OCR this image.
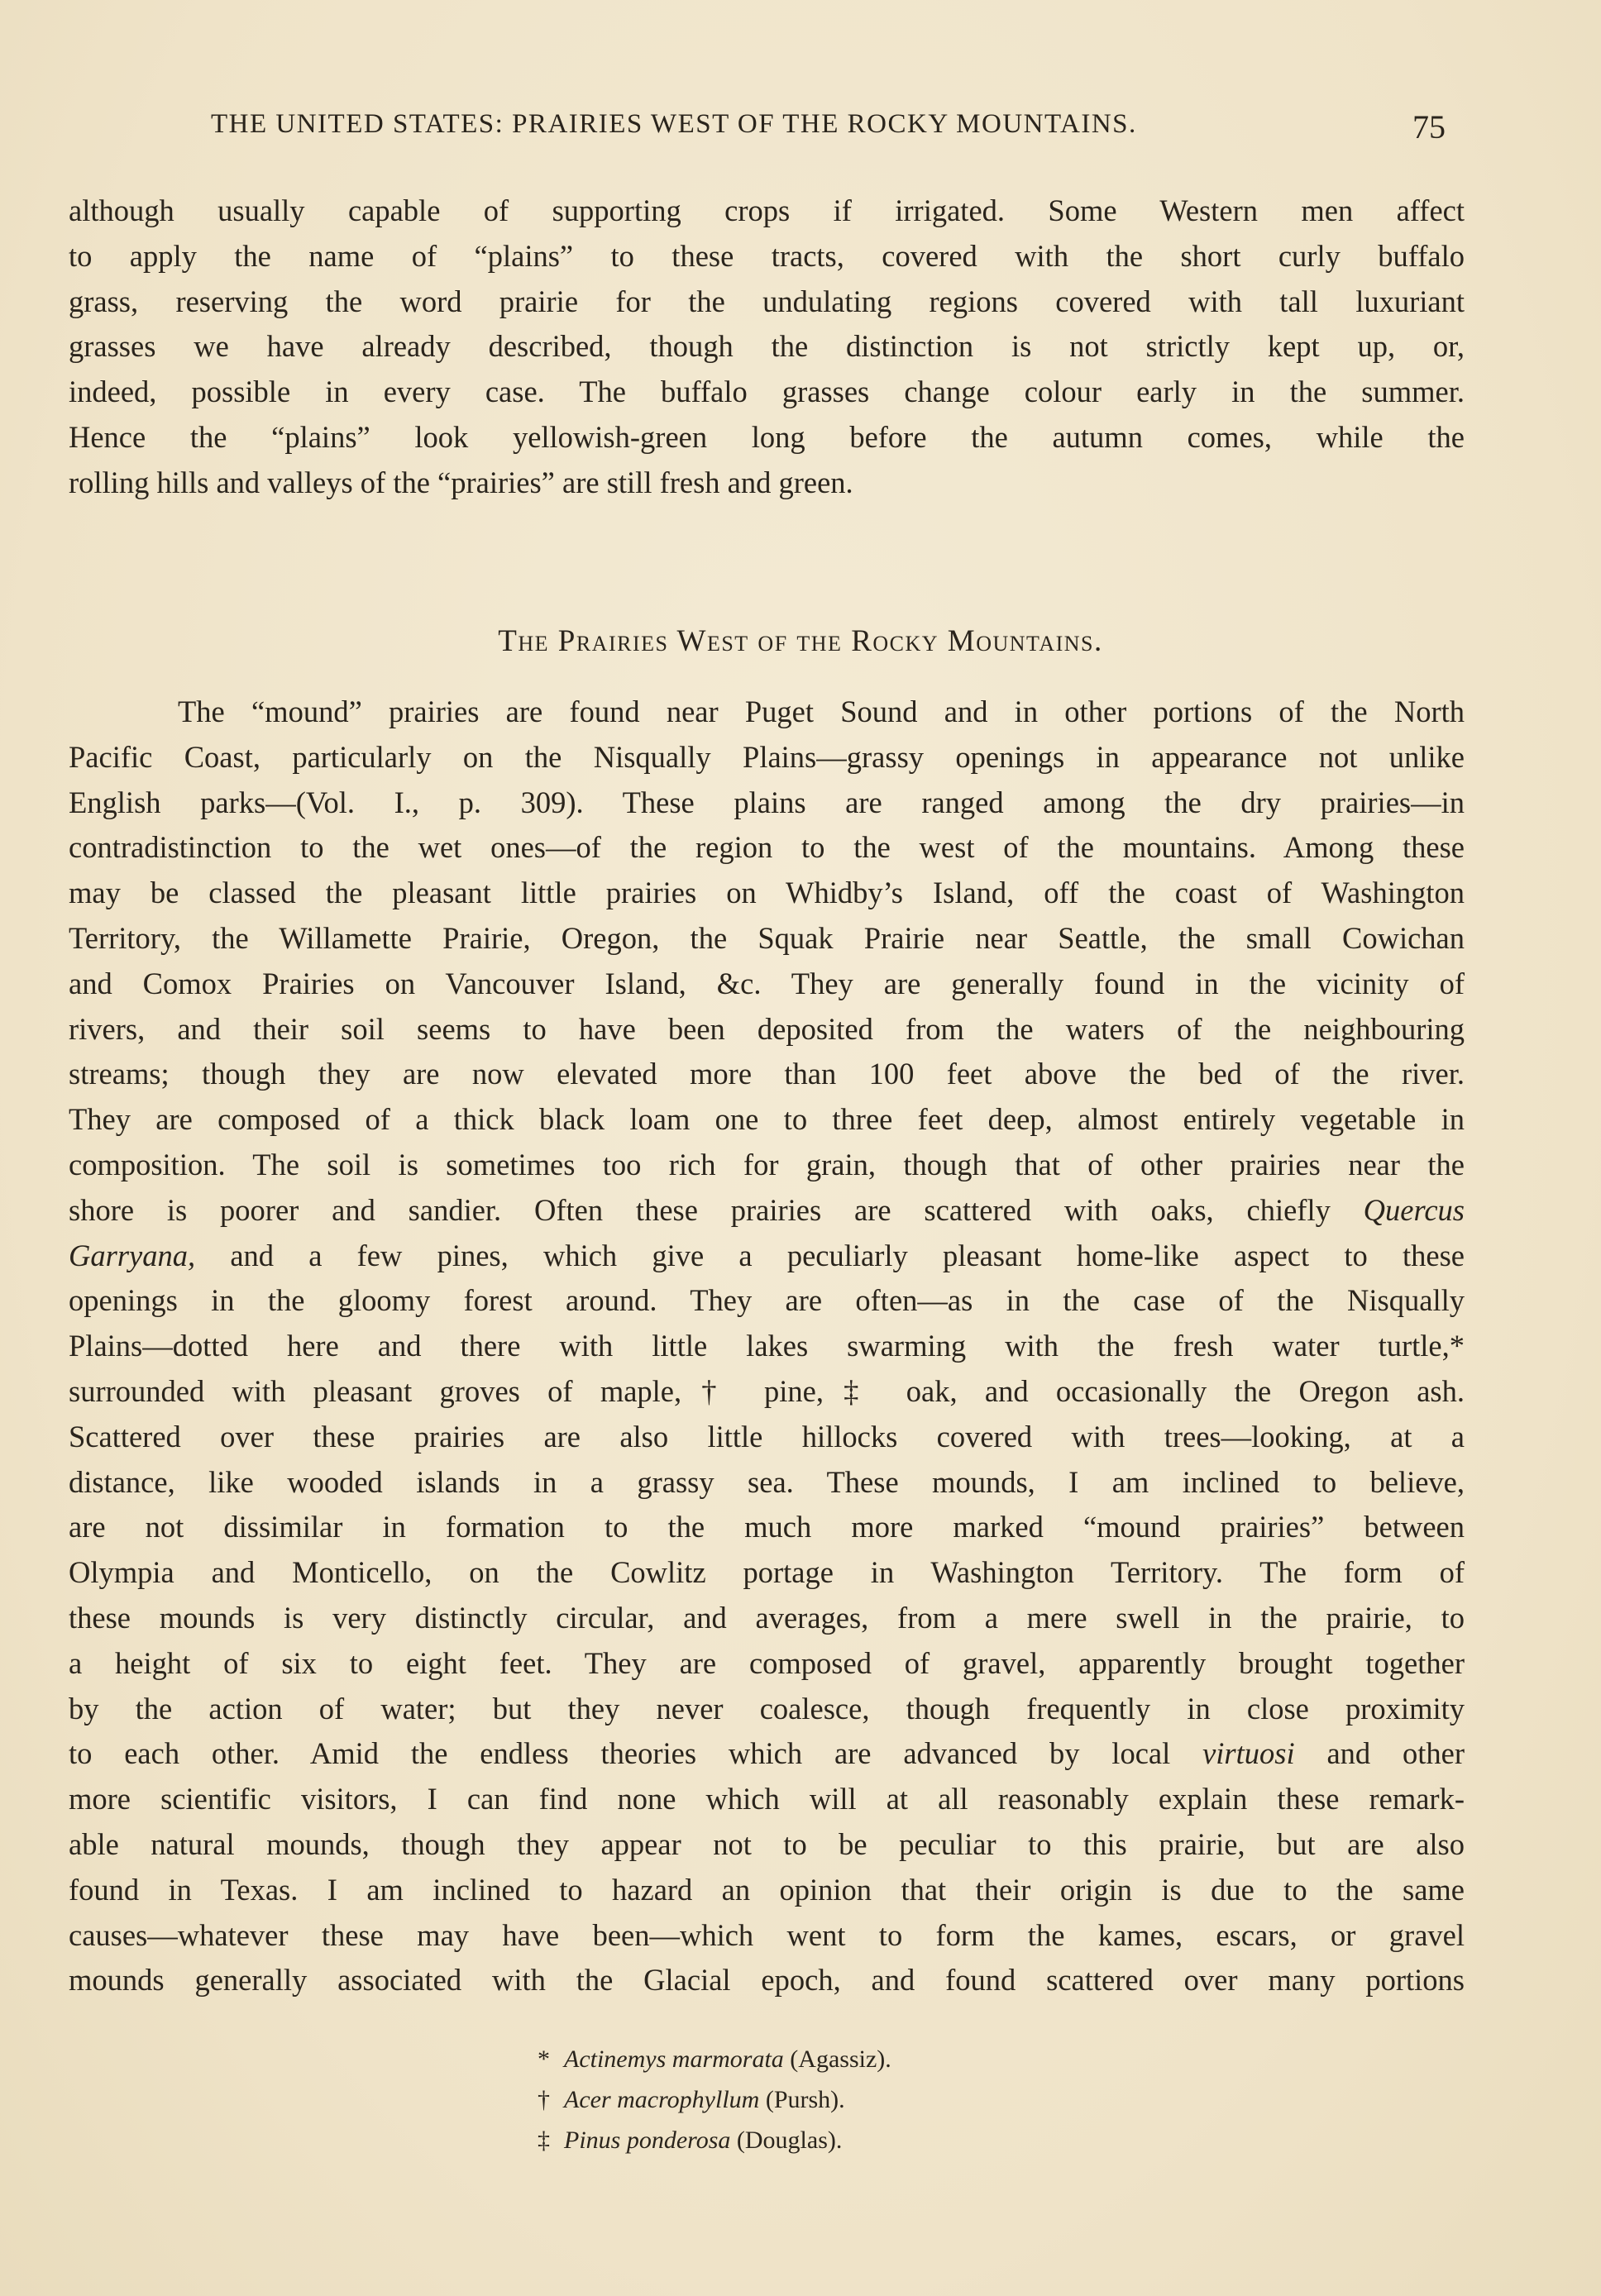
THE UNITED STATES: PRAIRIES WEST OF THE ROCKY MOUNTAINS.	75

although usually capable of supporting crops if irrigated. Some Western men affect

to apply the name of “plains” to these tracts, covered with the short curly buffalo

grass, reserving the word prairie for the undulating regions covered with tall luxuriant

grasses we have already described, though the distinction is not strictly kept up, or,

indeed, possible in every case. The buffalo grasses change colour early in the summer.

Hence the “plains” look yellowish-green long before the autumn comes, while the

rolling hills and valleys of the “prairies” are still fresh and green.

The Prairies West of the Rocky Mountains.

The “mound” prairies are found near Puget Sound and in other portions of the North

Pacific Coast, particularly on the Nisqually Plains—grassy openings in appearance not unlike

English parks—(Vol. I., p. 309). These plains are ranged among the dry prairies—in

contradistinction to the wet ones—of the region to the west of the mountains. Among these

may be classed the pleasant little prairies on Whidby’s Island, off the coast of Washington

Territory, the Willamette Prairie, Oregon, the Squak Prairie near Seattle, the small Cowichan

and Comox Prairies on Vancouver Island, &c. They are generally found in the vicinity of

rivers, and their soil seems to have been deposited from the waters of the neighbouring

streams; though they are now elevated more than 100 feet above the bed of the river.

They are composed of a thick black loam one to three feet deep, almost entirely vegetable in

composition. The soil is sometimes too rich for grain, though that of other prairies near the

shore is poorer and sandier. Often these prairies are scattered with oaks, chiefly Quercus

Garryana, and a few pines, which give a peculiarly pleasant home-like aspect to these

openings in the gloomy forest around. They are often—as in the case of the Nisqually

Plains—dotted here and there with little lakes swarming with the fresh water turtle,*

surrounded with pleasant groves of maple,† pine,‡ oak, and occasionally the Oregon ash.

Scattered over these prairies are also little hillocks covered with trees—looking, at a

distance, like wooded islands in a grassy sea. These mounds, I am inclined to believe,

are not dissimilar in formation to the much more marked “mound prairies” between

Olympia and Monticello, on the Cowlitz portage in Washington Territory. The form of

these mounds is very distinctly circular, and averages, from a mere swell in the prairie, to

a height of six to eight feet. They are composed of gravel, apparently brought together

by the action of water; but they never coalesce, though frequently in close proximity

to each other. Amid the endless theories which are advanced by local virtuosi and other

more scientific visitors, I can find none which will at all reasonably explain these remark-

able natural mounds, though they appear not to be peculiar to this prairie, but are also

found in Texas. I am inclined to hazard an opinion that their origin is due to the same

causes—whatever these may have been—which went to form the kames, escars, or gravel

mounds generally associated with the Glacial epoch, and found scattered over many portions

* Actinemys marmorata (Agassiz).
† Acer macrophyllum (Pursh).
‡ Pinus ponderosa (Douglas).
